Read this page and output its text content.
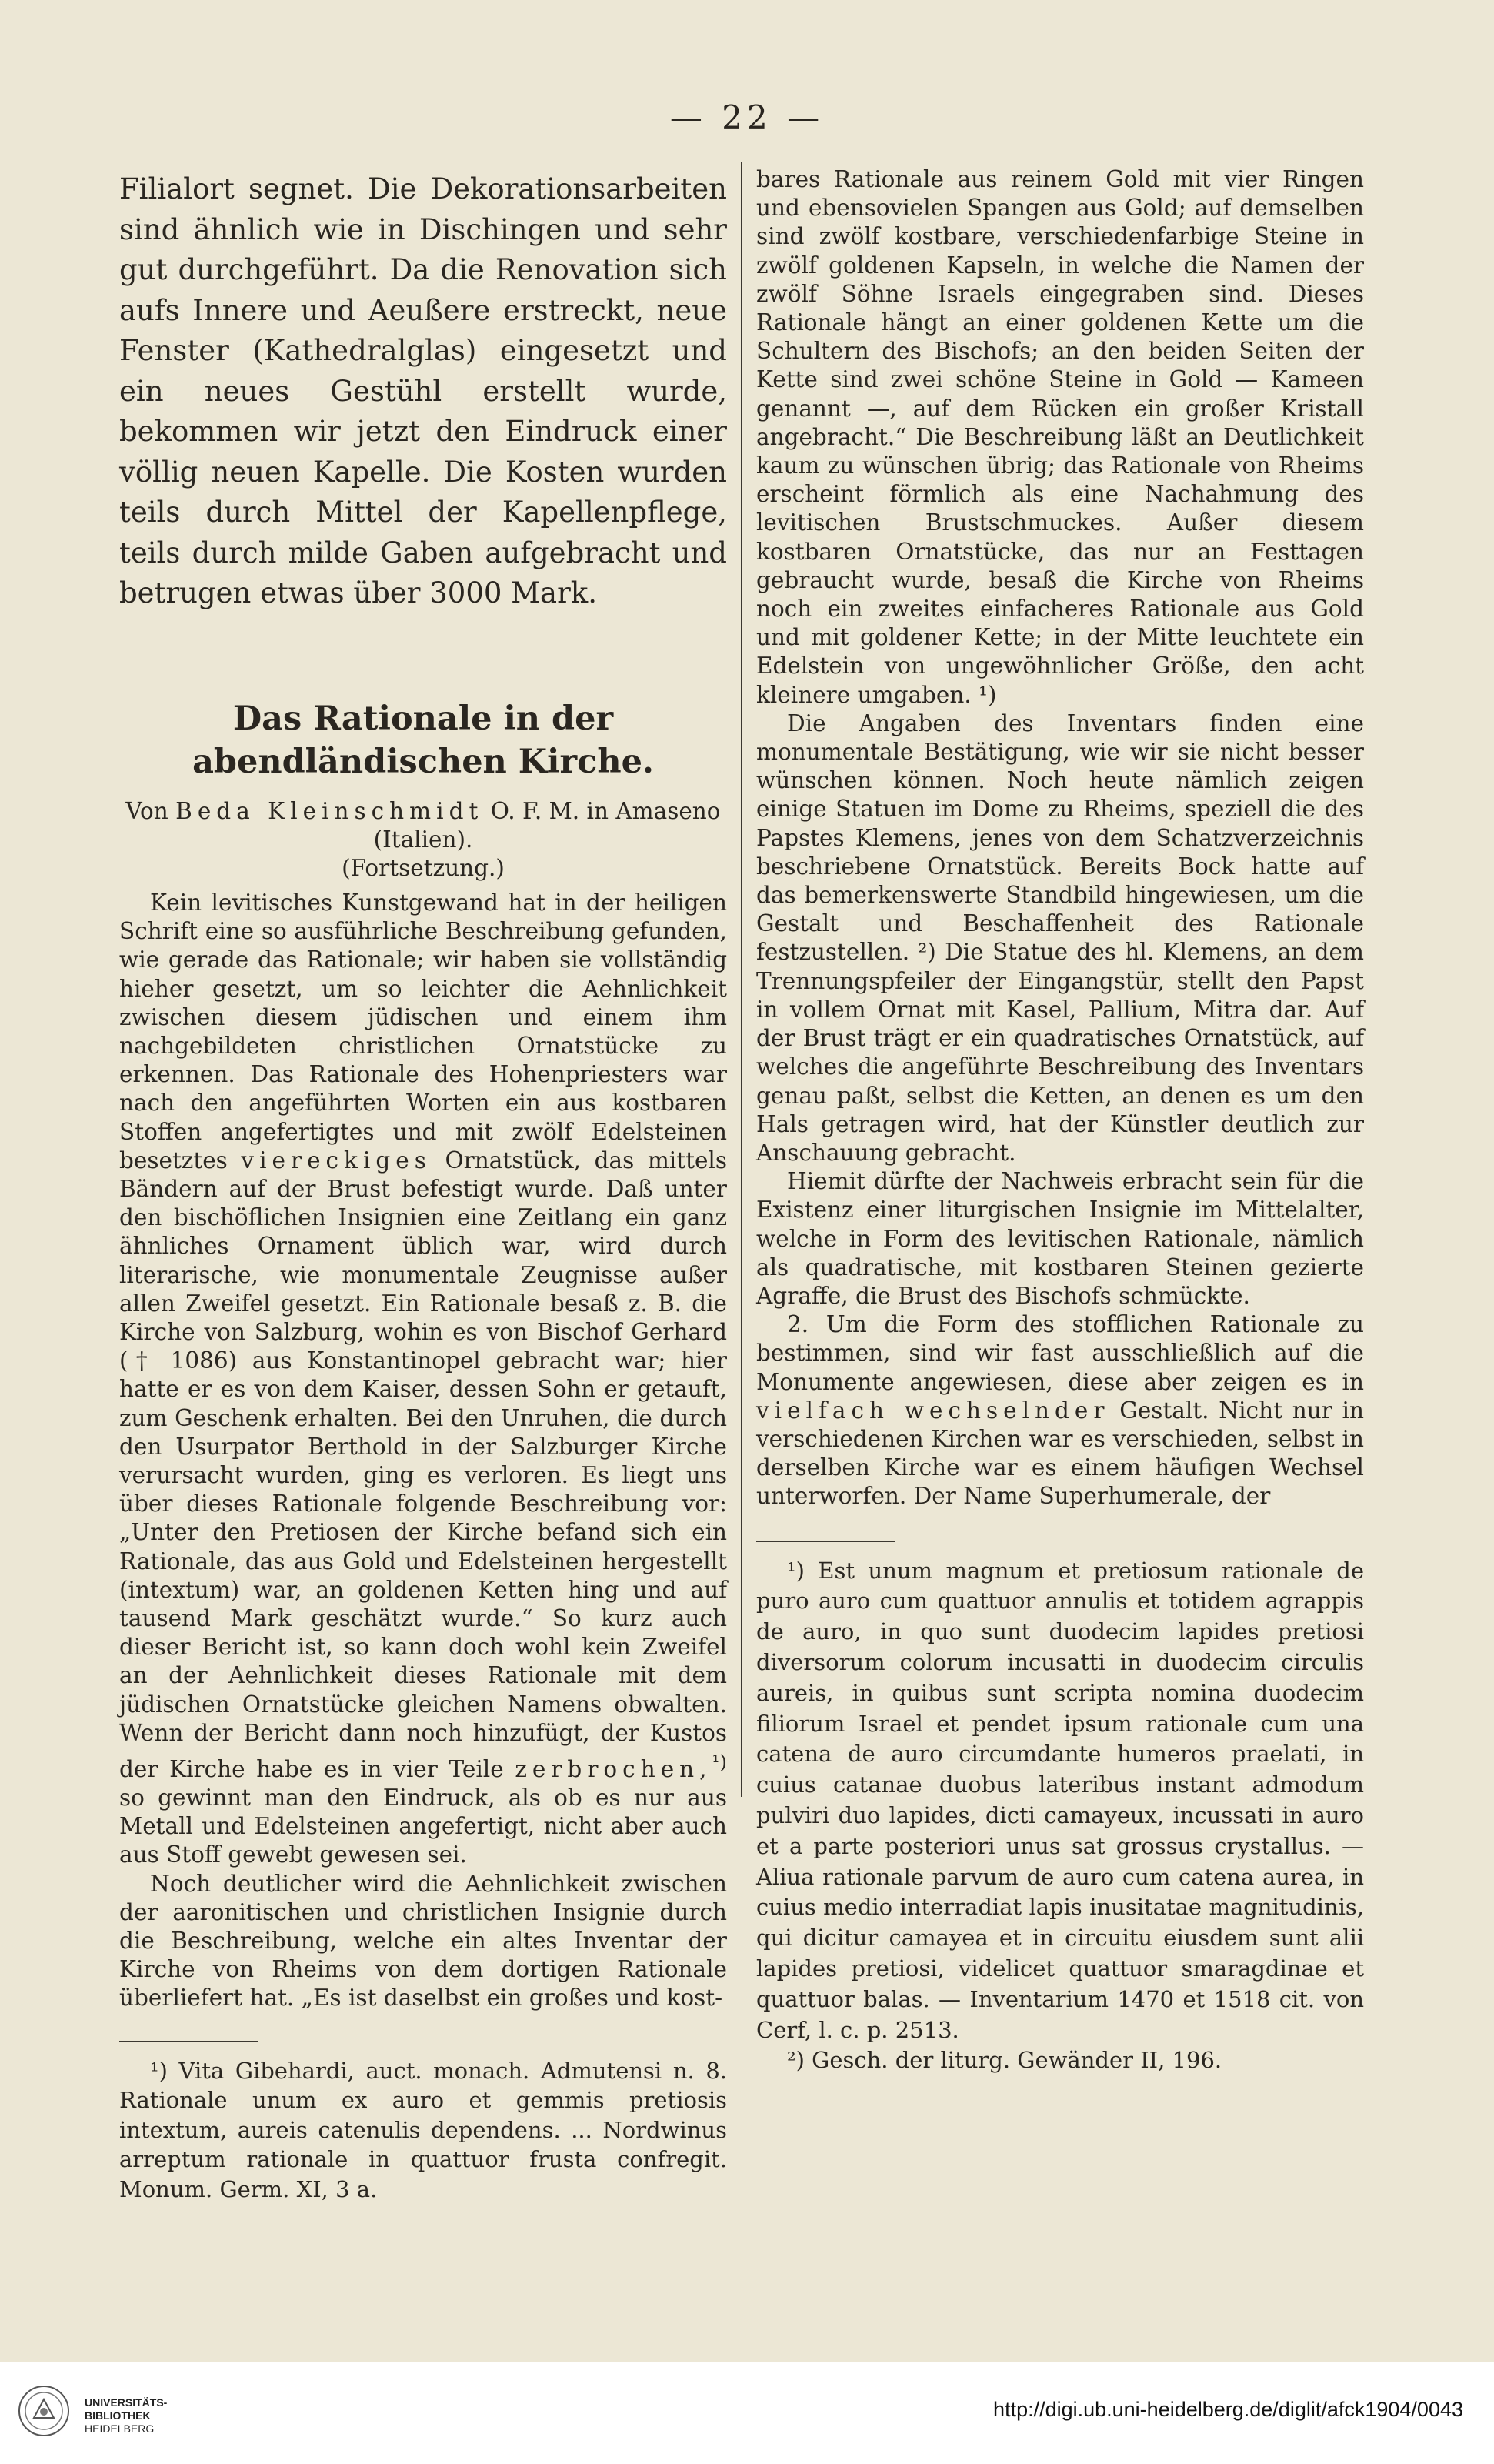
— 22 —

Filialort segnet. Die Dekorationsarbeiten sind ähnlich wie in Dischingen und sehr gut durchgeführt. Da die Renovation sich aufs Innere und Aeußere erstreckt, neue Fenster (Kathedralglas) eingesetzt und ein neues Gestühl erstellt wurde, bekommen wir jetzt den Eindruck einer völlig neuen Kapelle. Die Kosten wurden teils durch Mittel der Kapellenpflege, teils durch milde Gaben aufgebracht und betrugen etwas über 3000 Mark.

Das Rationale in der abendländischen Kirche.
Von Beda Kleinschmidt O. F. M. in Amaseno (Italien).
(Fortsetzung.)

Kein levitisches Kunstgewand hat in der heiligen Schrift eine so ausführliche Beschreibung gefunden, wie gerade das Rationale; wir haben sie vollständig hieher gesetzt, um so leichter die Aehnlichkeit zwischen diesem jüdischen und einem ihm nachgebildeten christlichen Ornatstücke zu erkennen. Das Rationale des Hohenpriesters war nach den angeführten Worten ein aus kostbaren Stoffen angefertigtes und mit zwölf Edelsteinen besetztes viereckiges Ornatstück, das mittels Bändern auf der Brust befestigt wurde. Daß unter den bischöflichen Insignien eine Zeitlang ein ganz ähnliches Ornament üblich war, wird durch literarische, wie monumentale Zeugnisse außer allen Zweifel gesetzt. Ein Rationale besaß z. B. die Kirche von Salzburg, wohin es von Bischof Gerhard († 1086) aus Konstantinopel gebracht war; hier hatte er es von dem Kaiser, dessen Sohn er getauft, zum Geschenk erhalten. Bei den Unruhen, die durch den Usurpator Berthold in der Salzburger Kirche verursacht wurden, ging es verloren. Es liegt uns über dieses Rationale folgende Beschreibung vor: „Unter den Pretiosen der Kirche befand sich ein Rationale, das aus Gold und Edelsteinen hergestellt (intextum) war, an goldenen Ketten hing und auf tausend Mark geschätzt wurde.“ So kurz auch dieser Bericht ist, so kann doch wohl kein Zweifel an der Aehnlichkeit dieses Rationale mit dem jüdischen Ornatstücke gleichen Namens obwalten. Wenn der Bericht dann noch hinzufügt, der Kustos der Kirche habe es in vier Teile zerbrochen,$^{^1)}$ so gewinnt man den Eindruck, als ob es nur aus Metall und Edelsteinen angefertigt, nicht aber auch aus Stoff gewebt gewesen sei.

Noch deutlicher wird die Aehnlichkeit zwischen der aaronitischen und christlichen Insignie durch die Beschreibung, welche ein altes Inventar der Kirche von Rheims von dem dortigen Rationale überliefert hat. „Es ist daselbst ein großes und kost-

¹) Vita Gibehardi, auct. monach. Admutensi n. 8. Rationale unum ex auro et gemmis pretiosis intextum, aureis catenulis dependens. ... Nordwinus arreptum rationale in quattuor frusta confregit. Monum. Germ. XI, 3 a.

bares Rationale aus reinem Gold mit vier Ringen und ebensovielen Spangen aus Gold; auf demselben sind zwölf kostbare, verschiedenfarbige Steine in zwölf goldenen Kapseln, in welche die Namen der zwölf Söhne Israels eingegraben sind. Dieses Rationale hängt an einer goldenen Kette um die Schultern des Bischofs; an den beiden Seiten der Kette sind zwei schöne Steine in Gold — Kameen genannt —, auf dem Rücken ein großer Kristall angebracht.“ Die Beschreibung läßt an Deutlichkeit kaum zu wünschen übrig; das Rationale von Rheims erscheint förmlich als eine Nachahmung des levitischen Brustschmuckes. Außer diesem kostbaren Ornatstücke, das nur an Festtagen gebraucht wurde, besaß die Kirche von Rheims noch ein zweites einfacheres Rationale aus Gold und mit goldener Kette; in der Mitte leuchtete ein Edelstein von ungewöhnlicher Größe, den acht kleinere umgaben. ¹)

Die Angaben des Inventars finden eine monumentale Bestätigung, wie wir sie nicht besser wünschen können. Noch heute nämlich zeigen einige Statuen im Dome zu Rheims, speziell die des Papstes Klemens, jenes von dem Schatzverzeichnis beschriebene Ornatstück. Bereits Bock hatte auf das bemerkenswerte Standbild hingewiesen, um die Gestalt und Beschaffenheit des Rationale festzustellen. ²) Die Statue des hl. Klemens, an dem Trennungspfeiler der Eingangstür, stellt den Papst in vollem Ornat mit Kasel, Pallium, Mitra dar. Auf der Brust trägt er ein quadratisches Ornatstück, auf welches die angeführte Beschreibung des Inventars genau paßt, selbst die Ketten, an denen es um den Hals getragen wird, hat der Künstler deutlich zur Anschauung gebracht.

Hiemit dürfte der Nachweis erbracht sein für die Existenz einer liturgischen Insignie im Mittelalter, welche in Form des levitischen Rationale, nämlich als quadratische, mit kostbaren Steinen gezierte Agraffe, die Brust des Bischofs schmückte.

2. Um die Form des stofflichen Rationale zu bestimmen, sind wir fast ausschließlich auf die Monumente angewiesen, diese aber zeigen es in vielfach wechselnder Gestalt. Nicht nur in verschiedenen Kirchen war es verschieden, selbst in derselben Kirche war es einem häufigen Wechsel unterworfen. Der Name Superhumerale, der

¹) Est unum magnum et pretiosum rationale de puro auro cum quattuor annulis et totidem agrappis de auro, in quo sunt duodecim lapides pretiosi diversorum colorum incusatti in duodecim circulis aureis, in quibus sunt scripta nomina duodecim filiorum Israel et pendet ipsum rationale cum una catena de auro circumdante humeros praelati, in cuius catanae duobus lateribus instant admodum pulviri duo lapides, dicti camayeux, incussati in auro et a parte posteriori unus sat grossus crystallus. — Aliua rationale parvum de auro cum catena aurea, in cuius medio interradiat lapis inusitatae magnitudinis, qui dicitur camayea et in circuitu eiusdem sunt alii lapides pretiosi, videlicet quattuor smaragdinae et quattuor balas. — Inventarium 1470 et 1518 cit. von Cerf, l. c. p. 2513.

²) Gesch. der liturg. Gewänder II, 196.

UNIVERSITÄTS-
BIBLIOTHEK
HEIDELBERG
http://digi.ub.uni-heidelberg.de/diglit/afck1904/0043
